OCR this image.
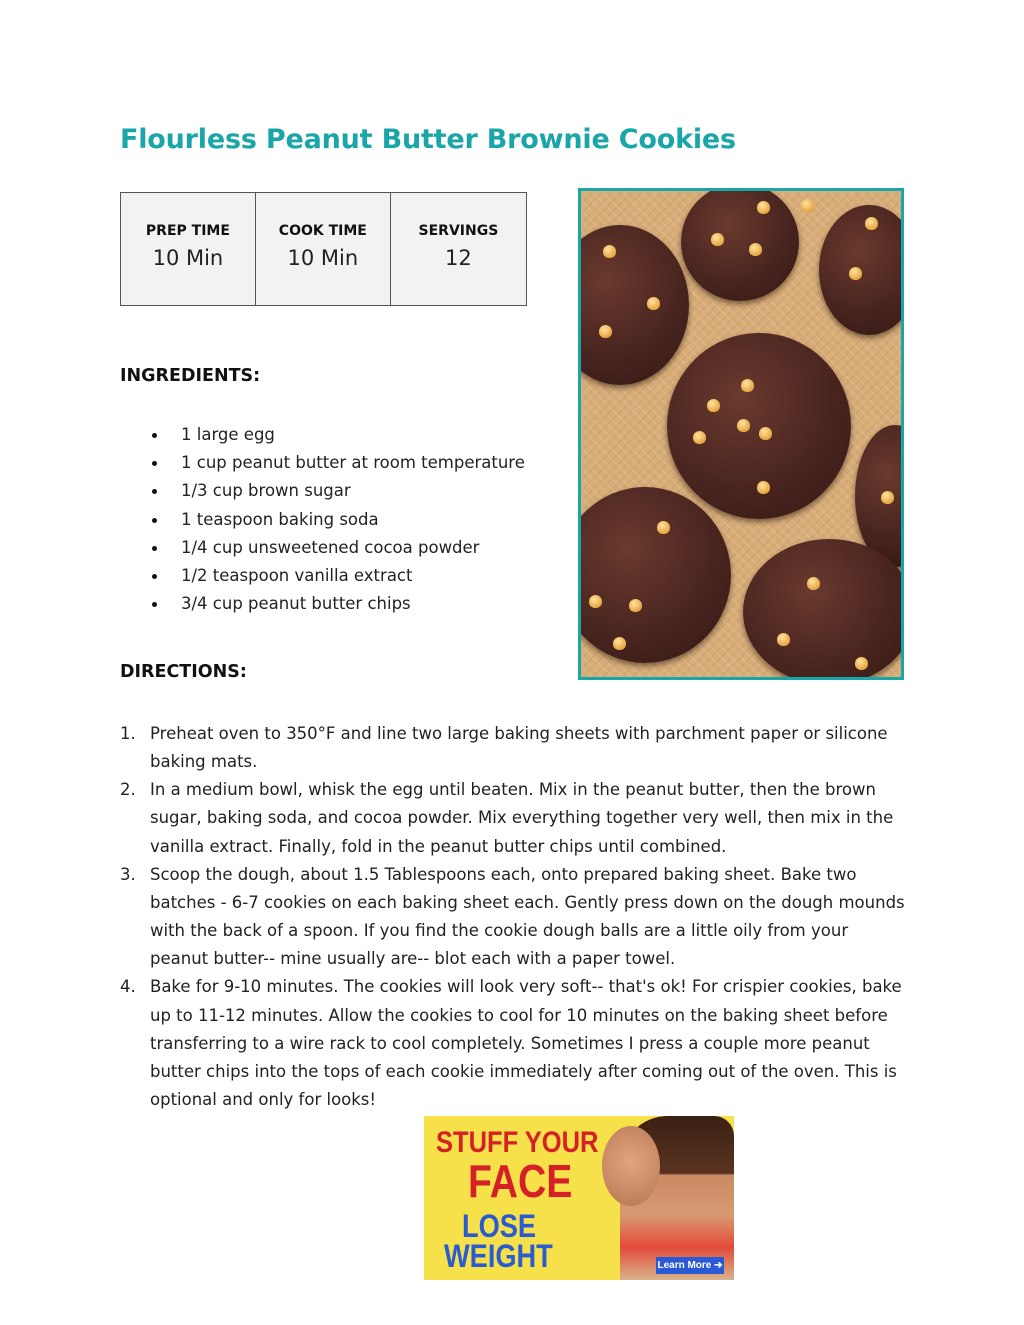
Flourless Peanut Butter Brownie Cookies
PREP TIME
10 Min

COOK TIME
10 Min

SERVINGS
12
INGREDIENTS:
1 large egg
1 cup peanut butter at room temperature
1/3 cup brown sugar
1 teaspoon baking soda
1/4 cup unsweetened cocoa powder
1/2 teaspoon vanilla extract
3/4 cup peanut butter chips
DIRECTIONS:
1. Preheat oven to 350°F and line two large baking sheets with parchment paper or silicone baking mats.
2. In a medium bowl, whisk the egg until beaten. Mix in the peanut butter, then the brown sugar, baking soda, and cocoa powder. Mix everything together very well, then mix in the vanilla extract. Finally, fold in the peanut butter chips until combined.
3. Scoop the dough, about 1.5 Tablespoons each, onto prepared baking sheet. Bake two batches - 6-7 cookies on each baking sheet each. Gently press down on the dough mounds with the back of a spoon. If you find the cookie dough balls are a little oily from your peanut butter-- mine usually are-- blot each with a paper towel.
4. Bake for 9-10 minutes. The cookies will look very soft-- that's ok! For crispier cookies, bake up to 11-12 minutes. Allow the cookies to cool for 10 minutes on the baking sheet before transferring to a wire rack to cool completely. Sometimes I press a couple more peanut butter chips into the tops of each cookie immediately after coming out of the oven. This is optional and only for looks!

STUFF YOUR

FACE

LOSE

WEIGHT	Learn More ➔
